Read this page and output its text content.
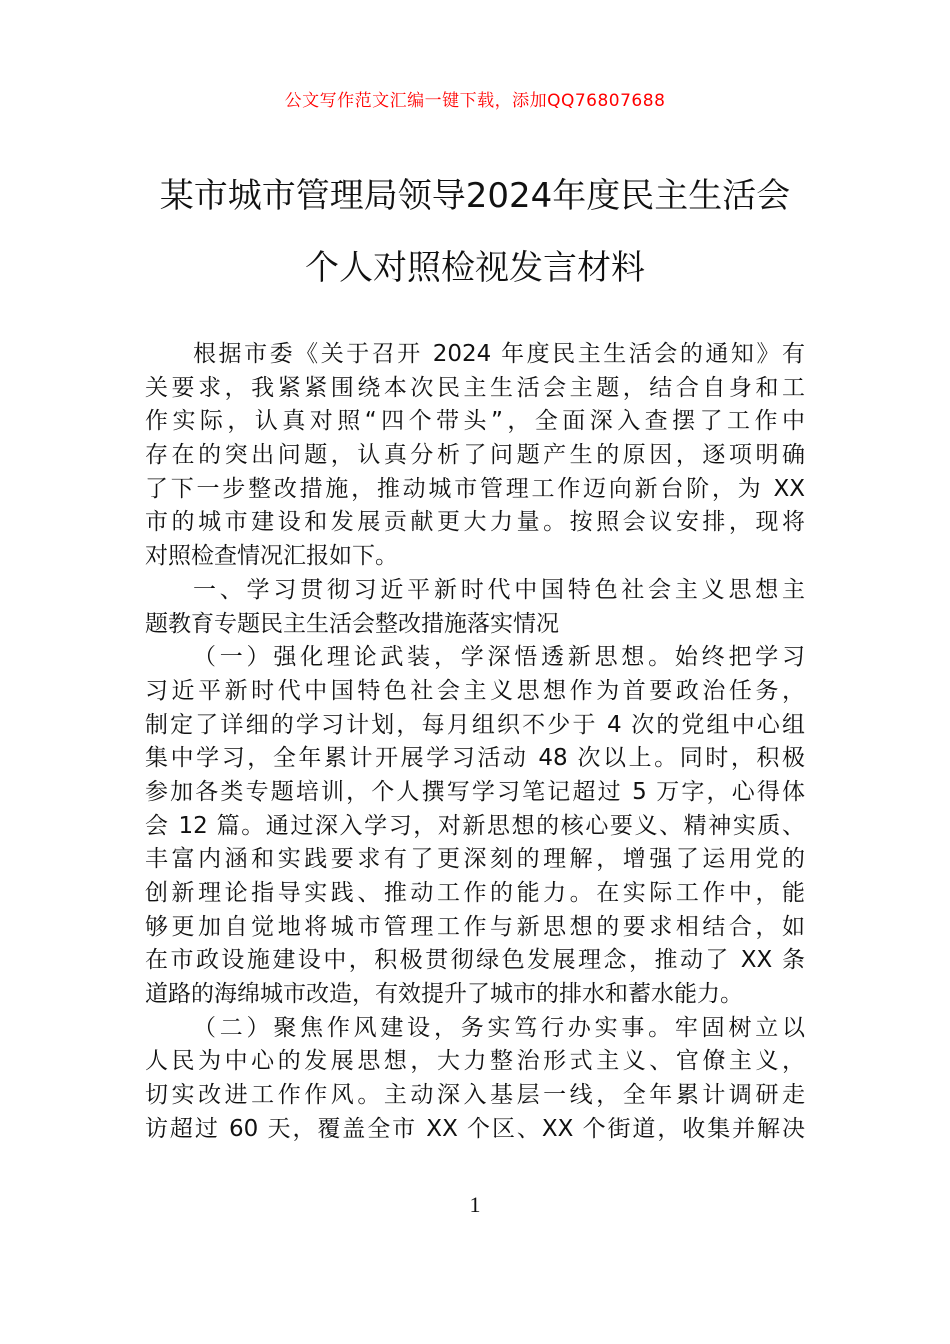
公文写作范文汇编一键下载，添加QQ76807688
某市城市管理局领导2024年度民主生活会
个人对照检视发言材料
根据市委《关于召开 2024 年度民主生活会的通知》有
关要求，我紧紧围绕本次民主生活会主题，结合自身和工
作实际，认真对照“四个带头”，全面深入查摆了工作中
存在的突出问题，认真分析了问题产生的原因，逐项明确
了下一步整改措施，推动城市管理工作迈向新台阶，为 XX
市的城市建设和发展贡献更大力量。按照会议安排，现将
对照检查情况汇报如下。
一、学习贯彻习近平新时代中国特色社会主义思想主
题教育专题民主生活会整改措施落实情况
（一）强化理论武装，学深悟透新思想。始终把学习
习近平新时代中国特色社会主义思想作为首要政治任务，
制定了详细的学习计划，每月组织不少于 4 次的党组中心组
集中学习，全年累计开展学习活动 48 次以上。同时，积极
参加各类专题培训，个人撰写学习笔记超过 5 万字，心得体
会 12 篇。通过深入学习，对新思想的核心要义、精神实质、
丰富内涵和实践要求有了更深刻的理解，增强了运用党的
创新理论指导实践、推动工作的能力。在实际工作中，能
够更加自觉地将城市管理工作与新思想的要求相结合，如
在市政设施建设中，积极贯彻绿色发展理念，推动了 XX 条
道路的海绵城市改造，有效提升了城市的排水和蓄水能力。
（二）聚焦作风建设，务实笃行办实事。牢固树立以
人民为中心的发展思想，大力整治形式主义、官僚主义，
切实改进工作作风。主动深入基层一线，全年累计调研走
访超过 60 天，覆盖全市 XX 个区、XX 个街道，收集并解决
1
